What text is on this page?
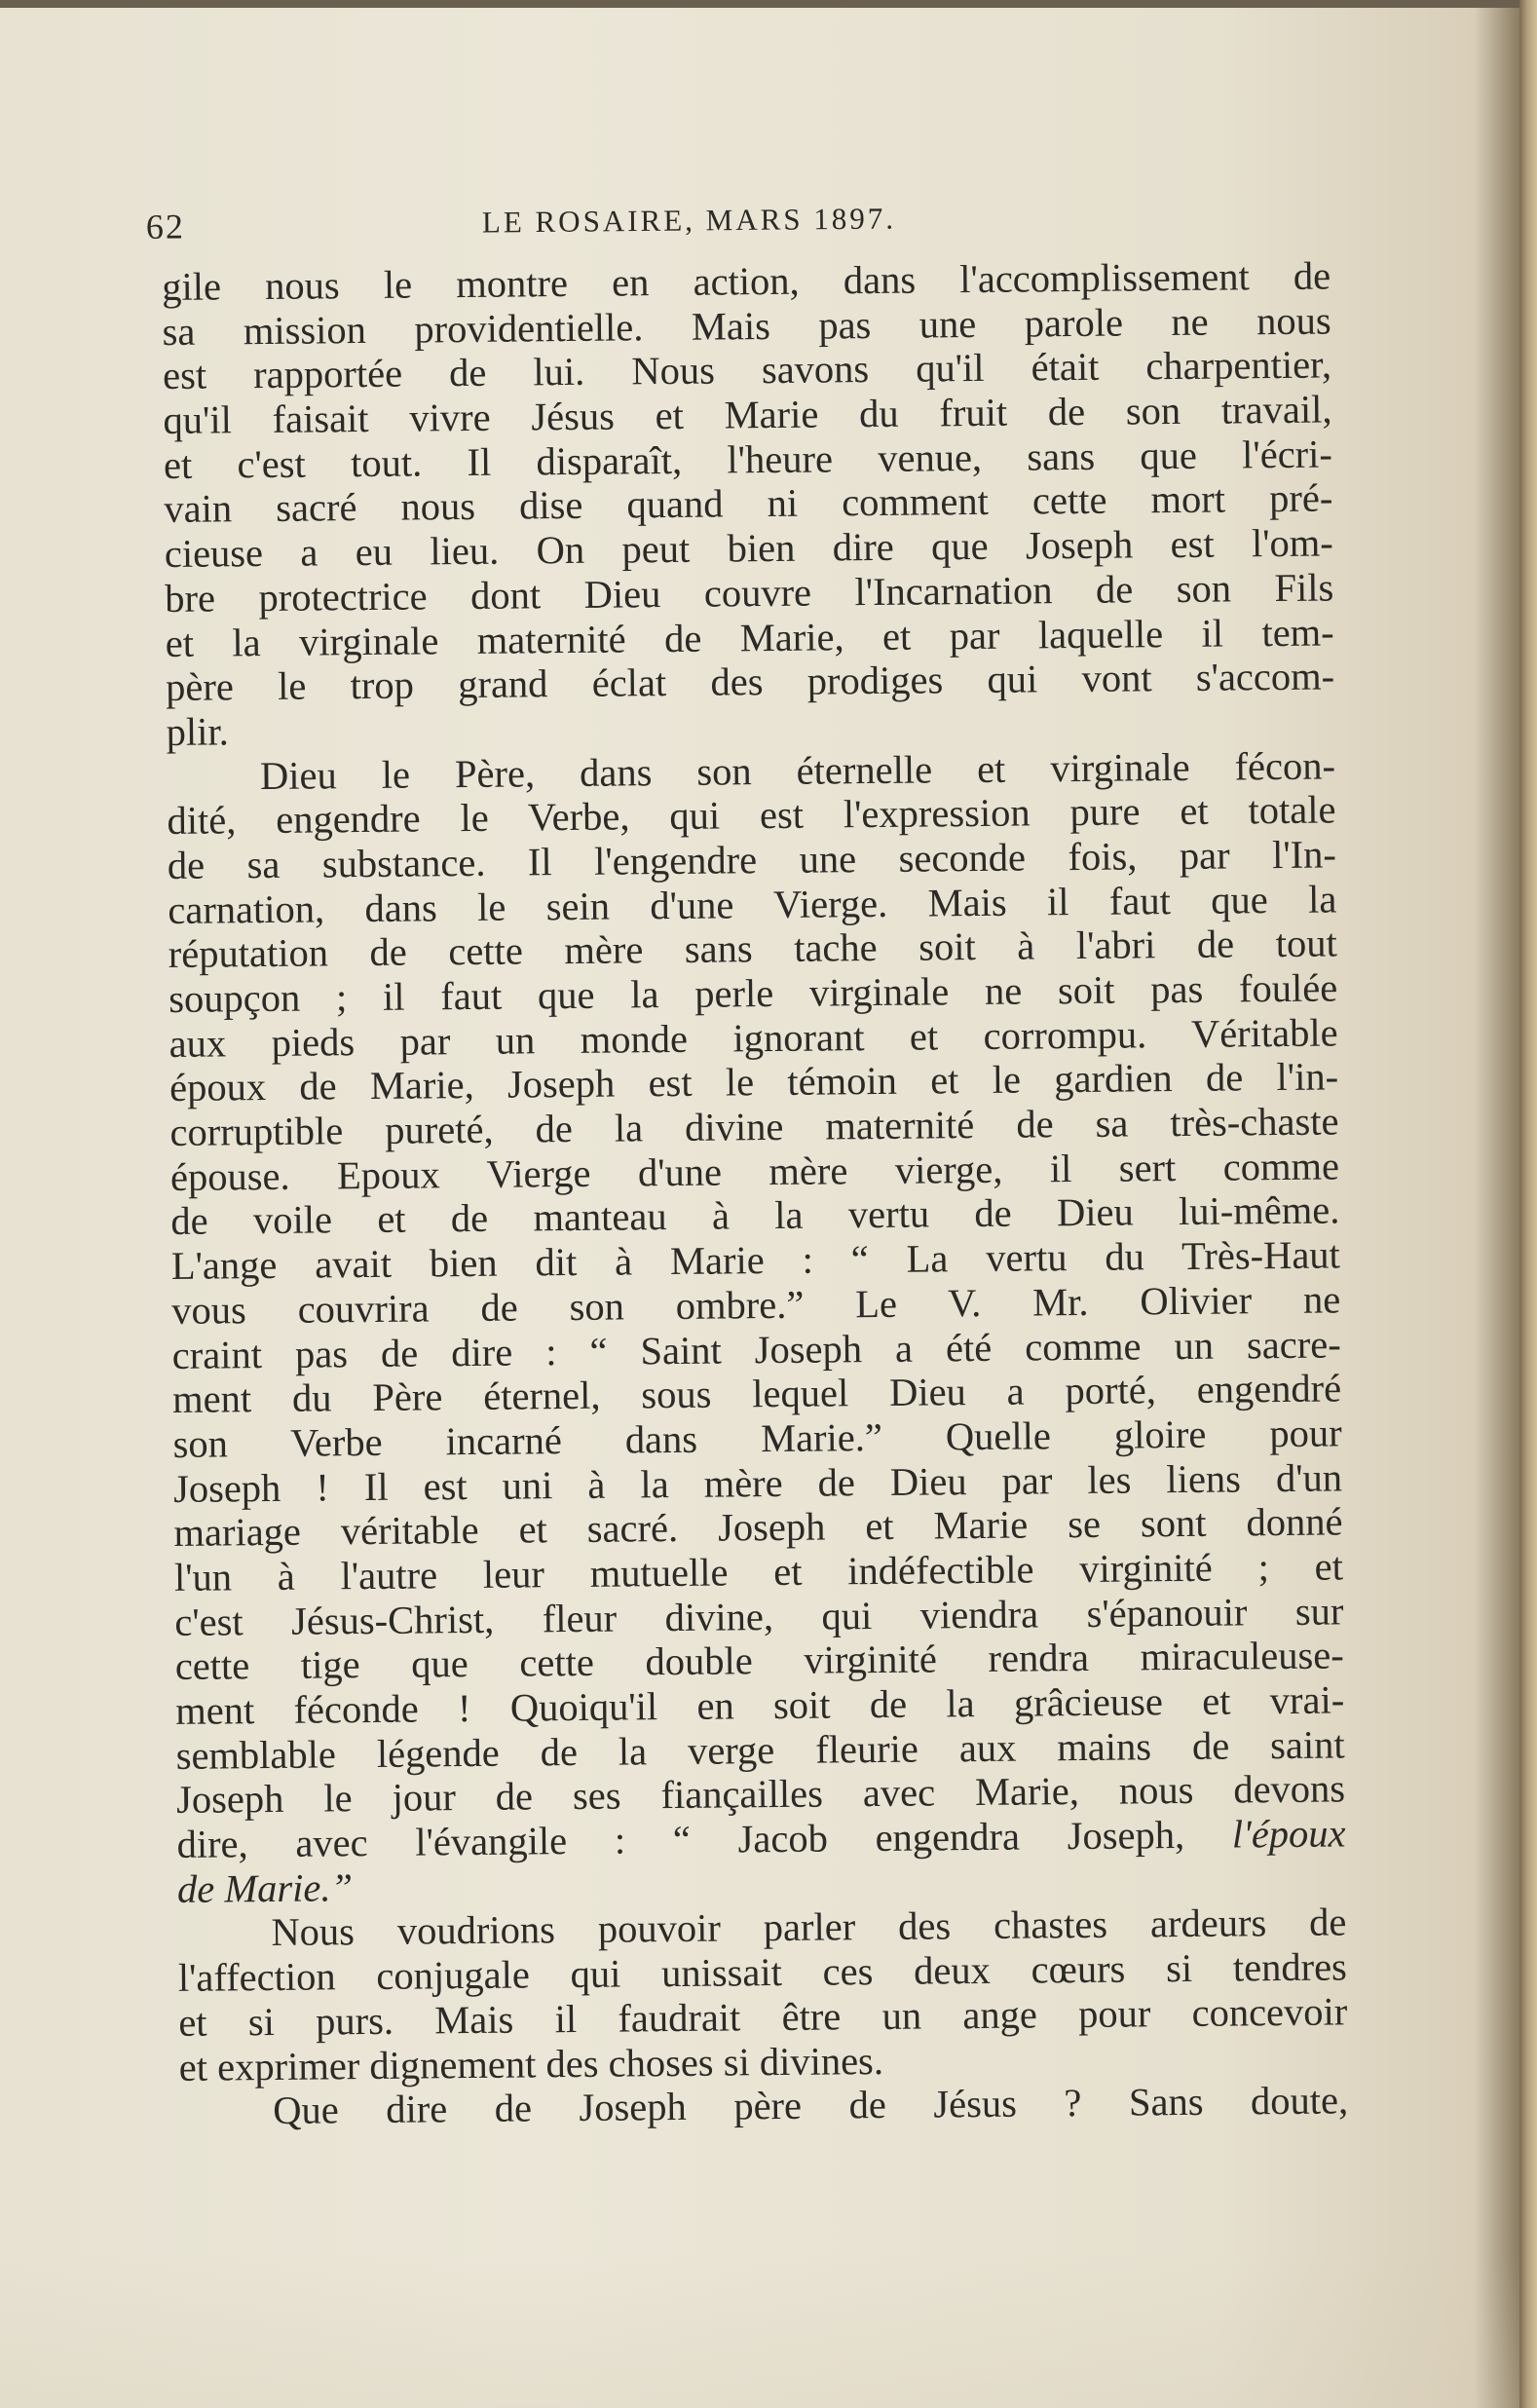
62	LE ROSAIRE, MARS 1897.
gile nous le montre en action, dans l'accomplissement de
sa mission providentielle. Mais pas une parole ne nous
est rapportée de lui. Nous savons qu'il était charpentier,
qu'il faisait vivre Jésus et Marie du fruit de son travail,
et c'est tout. Il disparaît, l'heure venue, sans que l'écri-
vain sacré nous dise quand ni comment cette mort pré-
cieuse a eu lieu. On peut bien dire que Joseph est l'om-
bre protectrice dont Dieu couvre l'Incarnation de son Fils
et la virginale maternité de Marie, et par laquelle il tem-
père le trop grand éclat des prodiges qui vont s'accom-
plir.
Dieu le Père, dans son éternelle et virginale fécon-
dité, engendre le Verbe, qui est l'expression pure et totale
de sa substance. Il l'engendre une seconde fois, par l'In-
carnation, dans le sein d'une Vierge. Mais il faut que la
réputation de cette mère sans tache soit à l'abri de tout
soupçon ; il faut que la perle virginale ne soit pas foulée
aux pieds par un monde ignorant et corrompu. Véritable
époux de Marie, Joseph est le témoin et le gardien de l'in-
corruptible pureté, de la divine maternité de sa très-chaste
épouse. Epoux Vierge d'une mère vierge, il sert comme
de voile et de manteau à la vertu de Dieu lui-même.
L'ange avait bien dit à Marie : “ La vertu du Très-Haut
vous couvrira de son ombre.” Le V. Mr. Olivier ne
craint pas de dire : “ Saint Joseph a été comme un sacre-
ment du Père éternel, sous lequel Dieu a porté, engendré
son Verbe incarné dans Marie.” Quelle gloire pour
Joseph ! Il est uni à la mère de Dieu par les liens d'un
mariage véritable et sacré. Joseph et Marie se sont donné
l'un à l'autre leur mutuelle et indéfectible virginité ; et
c'est Jésus-Christ, fleur divine, qui viendra s'épanouir sur
cette tige que cette double virginité rendra miraculeuse-
ment féconde ! Quoiqu'il en soit de la grâcieuse et vrai-
semblable légende de la verge fleurie aux mains de saint
Joseph le jour de ses fiançailles avec Marie, nous devons
dire, avec l'évangile : “ Jacob engendra Joseph, l'époux
de Marie.”
Nous voudrions pouvoir parler des chastes ardeurs de
l'affection conjugale qui unissait ces deux cœurs si tendres
et si purs. Mais il faudrait être un ange pour concevoir
et exprimer dignement des choses si divines.
Que dire de Joseph père de Jésus ? Sans doute,
